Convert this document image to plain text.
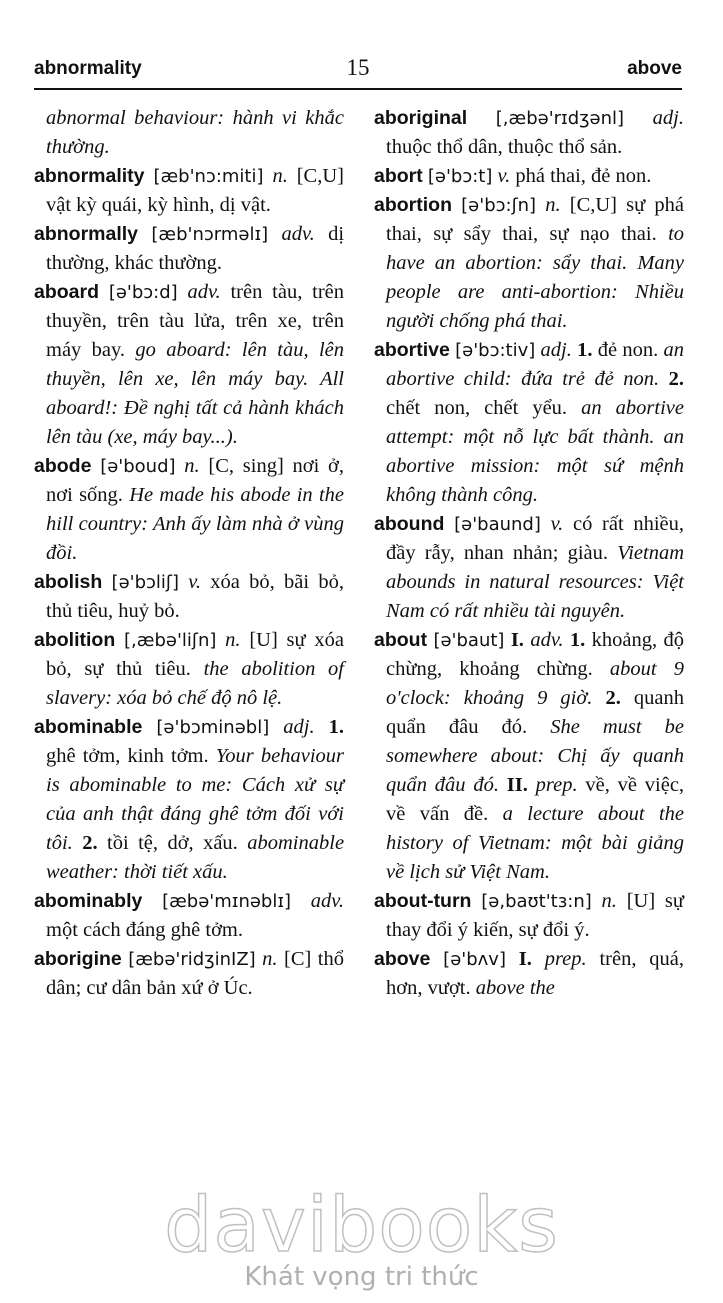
abnormality	15	above

abnormal behaviour: hành vi khắc thường.

abnormality [æb'nɔ:miti] n. [C,U] vật kỳ quái, kỳ hình, dị vật.

abnormally [æb'nɔrməlɪ] adv. dị thường, khác thường.

aboard [ə'bɔ:d] adv. trên tàu, trên thuyền, trên tàu lửa, trên xe, trên máy bay. go aboard: lên tàu, lên thuyền, lên xe, lên máy bay. All aboard!: Đề nghị tất cả hành khách lên tàu (xe, máy bay...).

abode [ə'boud] n. [C, sing] nơi ở, nơi sống. He made his abode in the hill country: Anh ấy làm nhà ở vùng đồi.

abolish [ə'bɔliʃ] v. xóa bỏ, bãi bỏ, thủ tiêu, huỷ bỏ.

abolition [,æbə'liʃn] n. [U] sự xóa bỏ, sự thủ tiêu. the abolition of slavery: xóa bỏ chế độ nô lệ.

abominable [ə'bɔminəbl] adj. 1. ghê tởm, kinh tởm. Your behaviour is abominable to me: Cách xử sự của anh thật đáng ghê tởm đối với tôi. 2. tồi tệ, dở, xấu. abominable weather: thời tiết xấu.

abominably [æbə'mɪnəblɪ] adv. một cách đáng ghê tởm.

aborigine [æbə'ridʒinIZ] n. [C] thổ dân; cư dân bản xứ ở Úc.

aboriginal [,æbə'rɪdʒənl] adj. thuộc thổ dân, thuộc thổ sản.

abort [ə'bɔ:t] v. phá thai, đẻ non.

abortion [ə'bɔ:ʃn] n. [C,U] sự phá thai, sự sẩy thai, sự nạo thai. to have an abortion: sẩy thai. Many people are anti-abortion: Nhiều người chống phá thai.

abortive [ə'bɔ:tiv] adj. 1. đẻ non. an abortive child: đứa trẻ đẻ non. 2. chết non, chết yểu. an abortive attempt: một nỗ lực bất thành. an abortive mission: một sứ mệnh không thành công.

abound [ə'baund] v. có rất nhiều, đầy rẫy, nhan nhản; giàu. Vietnam abounds in natural resources: Việt Nam có rất nhiều tài nguyên.

about [ə'baut] I. adv. 1. khoảng, độ chừng, khoảng chừng. about 9 o'clock: khoảng 9 giờ. 2. quanh quẩn đâu đó. She must be somewhere about: Chị ấy quanh quẩn đâu đó. II. prep. về, về việc, về vấn đề. a lecture about the history of Vietnam: một bài giảng về lịch sử Việt Nam.

about-turn [ə,baʊt'tɜ:n] n. [U] sự thay đổi ý kiến, sự đổi ý.

above [ə'bʌv] I. prep. trên, quá, hơn, vượt. above the

davibooks
Khát vọng tri thức
